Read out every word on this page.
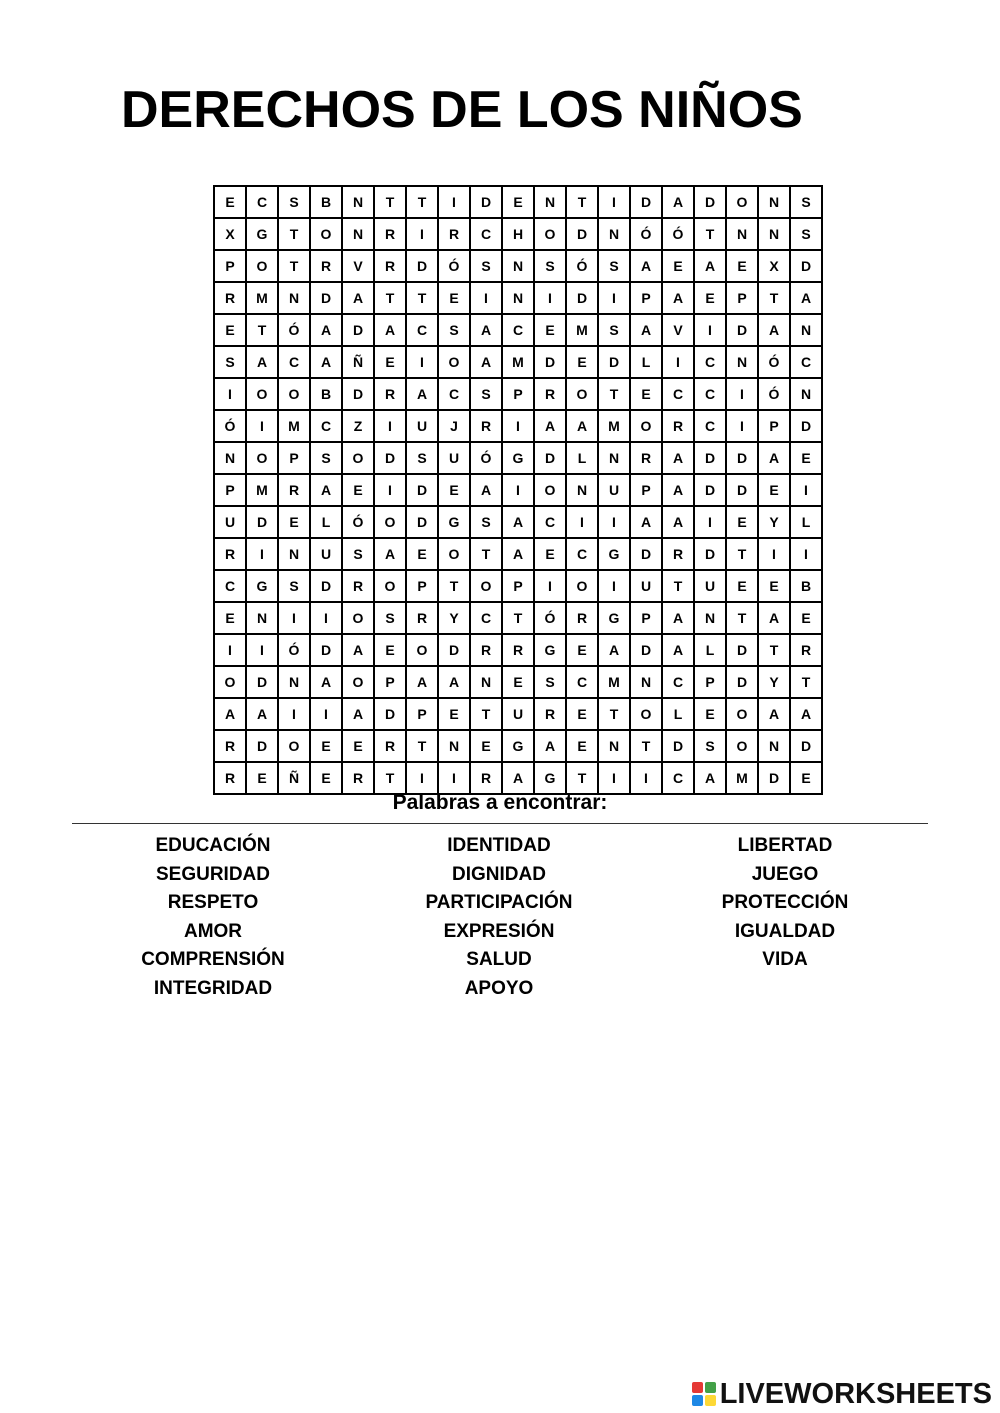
DERECHOS DE LOS NIÑOS
E	C	S	B	N	T	T	I	D	E	N	T	I	D	A	D	O	N	S
X	G	T	O	N	R	I	R	C	H	O	D	N	Ó	Ó	T	N	N	S
P	O	T	R	V	R	D	Ó	S	N	S	Ó	S	A	E	A	E	X	D
R	M	N	D	A	T	T	E	I	N	I	D	I	P	A	E	P	T	A
E	T	Ó	A	D	A	C	S	A	C	E	M	S	A	V	I	D	A	N
S	A	C	A	Ñ	E	I	O	A	M	D	E	D	L	I	C	N	Ó	C
I	O	O	B	D	R	A	C	S	P	R	O	T	E	C	C	I	Ó	N
Ó	I	M	C	Z	I	U	J	R	I	A	A	M	O	R	C	I	P	D
N	O	P	S	O	D	S	U	Ó	G	D	L	N	R	A	D	D	A	E
P	M	R	A	E	I	D	E	A	I	O	N	U	P	A	D	D	E	I
U	D	E	L	Ó	O	D	G	S	A	C	I	I	A	A	I	E	Y	L
R	I	N	U	S	A	E	O	T	A	E	C	G	D	R	D	T	I	I
C	G	S	D	R	O	P	T	O	P	I	O	I	U	T	U	E	E	B
E	N	I	I	O	S	R	Y	C	T	Ó	R	G	P	A	N	T	A	E
I	I	Ó	D	A	E	O	D	R	R	G	E	A	D	A	L	D	T	R
O	D	N	A	O	P	A	A	N	E	S	C	M	N	C	P	D	Y	T
A	A	I	I	A	D	P	E	T	U	R	E	T	O	L	E	O	A	A
R	D	O	E	E	R	T	N	E	G	A	E	N	T	D	S	O	N	D
R	E	Ñ	E	R	T	I	I	R	A	G	T	I	I	C	A	M	D	E
Palabras a encontrar:
EDUCACIÓN
SEGURIDAD
RESPETO
AMOR
COMPRENSIÓN
INTEGRIDAD
IDENTIDAD
DIGNIDAD
PARTICIPACIÓN
EXPRESIÓN
SALUD
APOYO
LIBERTAD
JUEGO
PROTECCIÓN
IGUALDAD
VIDA
LIVEWORKSHEETS
